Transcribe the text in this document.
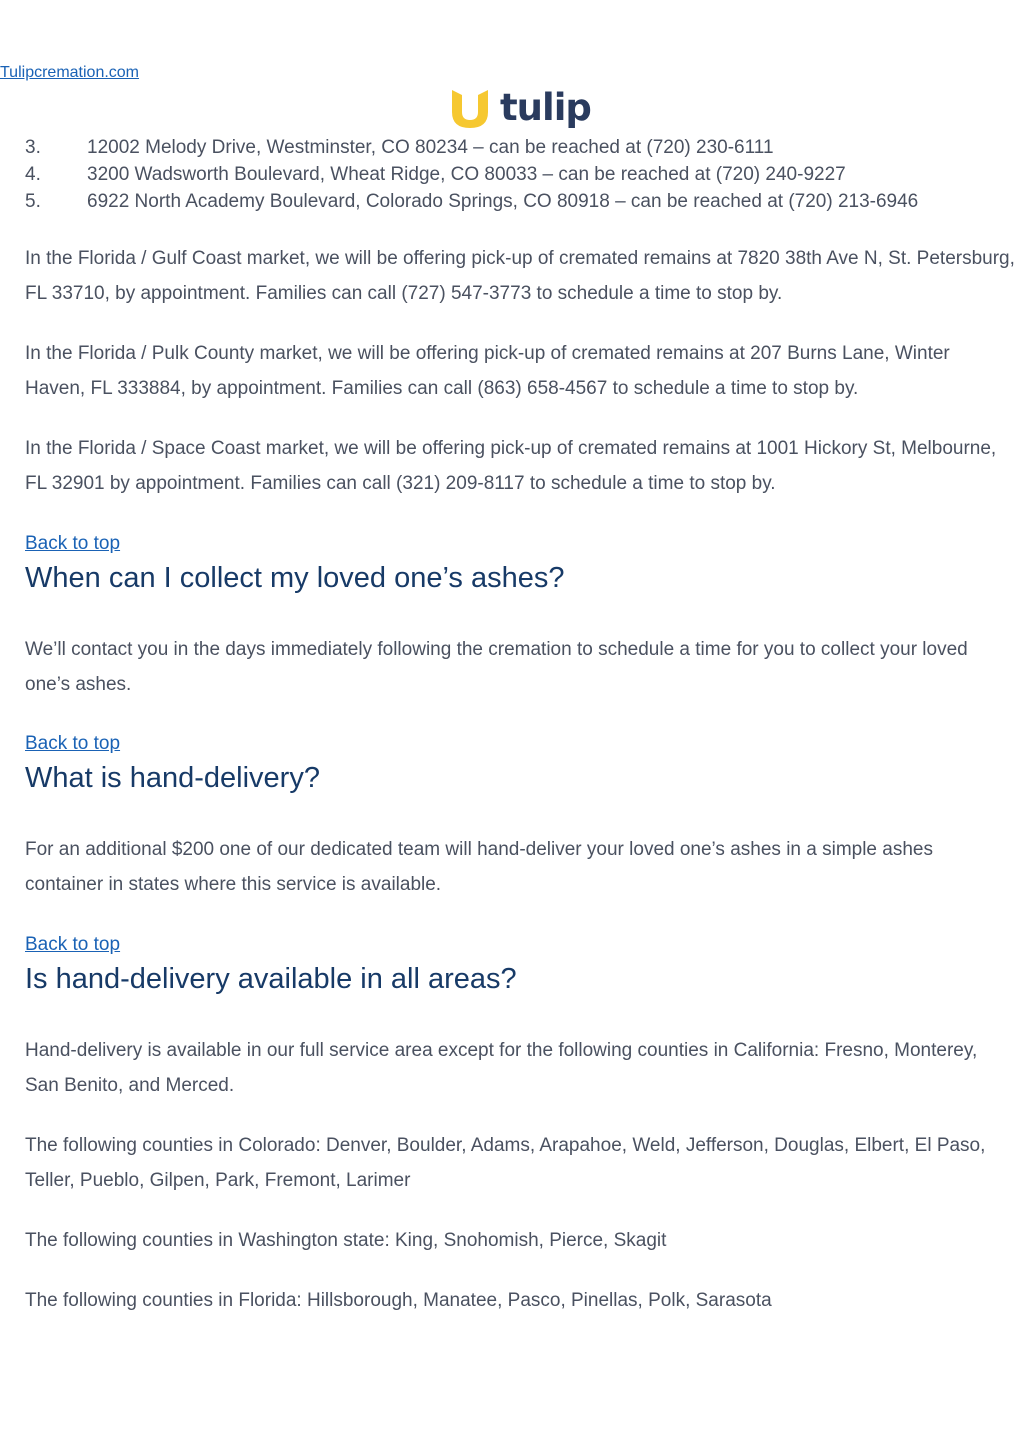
Tulipcremation.com
tulip
3.	12002 Melody Drive, Westminster, CO 80234 – can be reached at (720) 230-6111
4.	3200 Wadsworth Boulevard, Wheat Ridge, CO 80033 – can be reached at (720) 240-9227
5.	6922 North Academy Boulevard, Colorado Springs, CO 80918 – can be reached at (720) 213-6946

In the Florida / Gulf Coast market, we will be offering pick-up of cremated remains at 7820 38th Ave N, St. Petersburg, FL 33710, by appointment. Families can call (727) 547-3773 to schedule a time to stop by.

In the Florida / Pulk County market, we will be offering pick-up of cremated remains at 207 Burns Lane, Winter Haven, FL 333884, by appointment. Families can call (863) 658-4567 to schedule a time to stop by.

In the Florida / Space Coast market, we will be offering pick-up of cremated remains at 1001 Hickory St, Melbourne, FL 32901 by appointment. Families can call (321) 209-8117 to schedule a time to stop by.

Back to top
When can I collect my loved one’s ashes?

We’ll contact you in the days immediately following the cremation to schedule a time for you to collect your loved one’s ashes.

Back to top
What is hand-delivery?

For an additional $200 one of our dedicated team will hand-deliver your loved one’s ashes in a simple ashes container in states where this service is available.

Back to top
Is hand-delivery available in all areas?

Hand-delivery is available in our full service area except for the following counties in California: Fresno, Monterey, San Benito, and Merced.

The following counties in Colorado: Denver, Boulder, Adams, Arapahoe, Weld, Jefferson, Douglas, Elbert, El Paso, Teller, Pueblo, Gilpen, Park, Fremont, Larimer

The following counties in Washington state: King, Snohomish, Pierce, Skagit

The following counties in Florida: Hillsborough, Manatee, Pasco, Pinellas, Polk, Sarasota
